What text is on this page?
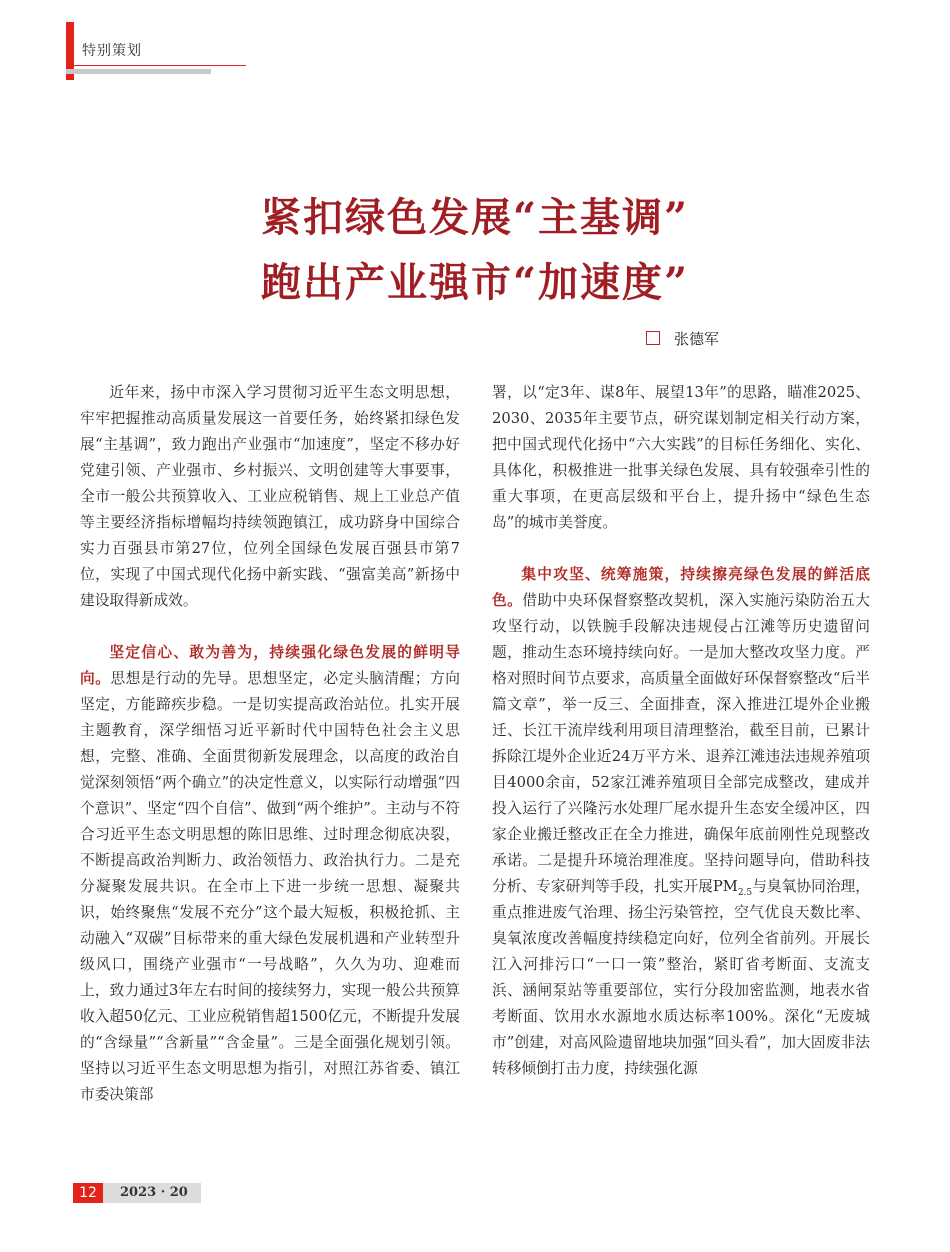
特别策划
紧扣绿色发展“主基调”
跑出产业强市“加速度”
张德军

近年来，扬中市深入学习贯彻习近平生态文明思想，牢牢把握推动高质量发展这一首要任务，始终紧扣绿色发展“主基调”，致力跑出产业强市“加速度”，坚定不移办好党建引领、产业强市、乡村振兴、文明创建等大事要事，全市一般公共预算收入、工业应税销售、规上工业总产值等主要经济指标增幅均持续领跑镇江，成功跻身中国综合实力百强县市第27位，位列全国绿色发展百强县市第7位，实现了中国式现代化扬中新实践、“强富美高”新扬中建设取得新成效。

坚定信心、敢为善为，持续强化绿色发展的鲜明导向。思想是行动的先导。思想坚定，必定头脑清醒；方向坚定，方能蹄疾步稳。一是切实提高政治站位。扎实开展主题教育，深学细悟习近平新时代中国特色社会主义思想，完整、准确、全面贯彻新发展理念，以高度的政治自觉深刻领悟“两个确立”的决定性意义，以实际行动增强“四个意识”、坚定“四个自信”、做到“两个维护”。主动与不符合习近平生态文明思想的陈旧思维、过时理念彻底决裂，不断提高政治判断力、政治领悟力、政治执行力。二是充分凝聚发展共识。在全市上下进一步统一思想、凝聚共识，始终聚焦“发展不充分”这个最大短板，积极抢抓、主动融入“双碳”目标带来的重大绿色发展机遇和产业转型升级风口，围绕产业强市“一号战略”，久久为功、迎难而上，致力通过3年左右时间的接续努力，实现一般公共预算收入超50亿元、工业应税销售超1500亿元，不断提升发展的“含绿量”“含新量”“含金量”。三是全面强化规划引领。坚持以习近平生态文明思想为指引，对照江苏省委、镇江市委决策部

署，以“定3年、谋8年、展望13年”的思路，瞄准2025、2030、2035年主要节点，研究谋划制定相关行动方案，把中国式现代化扬中“六大实践”的目标任务细化、实化、具体化，积极推进一批事关绿色发展、具有较强牵引性的重大事项，在更高层级和平台上，提升扬中“绿色生态岛”的城市美誉度。

集中攻坚、统筹施策，持续擦亮绿色发展的鲜活底色。借助中央环保督察整改契机，深入实施污染防治五大攻坚行动，以铁腕手段解决违规侵占江滩等历史遗留问题，推动生态环境持续向好。一是加大整改攻坚力度。严格对照时间节点要求，高质量全面做好环保督察整改“后半篇文章”，举一反三、全面排查，深入推进江堤外企业搬迁、长江干流岸线利用项目清理整治，截至目前，已累计拆除江堤外企业近24万平方米、退养江滩违法违规养殖项目4000余亩，52家江滩养殖项目全部完成整改，建成并投入运行了兴隆污水处理厂尾水提升生态安全缓冲区，四家企业搬迁整改正在全力推进，确保年底前刚性兑现整改承诺。二是提升环境治理准度。坚持问题导向，借助科技分析、专家研判等手段，扎实开展$PM_{2.5}$与臭氧协同治理，重点推进废气治理、扬尘污染管控，空气优良天数比率、臭氧浓度改善幅度持续稳定向好，位列全省前列。开展长江入河排污口“一口一策”整治，紧盯省考断面、支流支浜、涵闸泵站等重要部位，实行分段加密监测，地表水省考断面、饮用水水源地水质达标率100%。深化“无废城市”创建，对高风险遗留地块加强“回头看”，加大固废非法转移倾倒打击力度，持续强化源

12	2023 · 20
